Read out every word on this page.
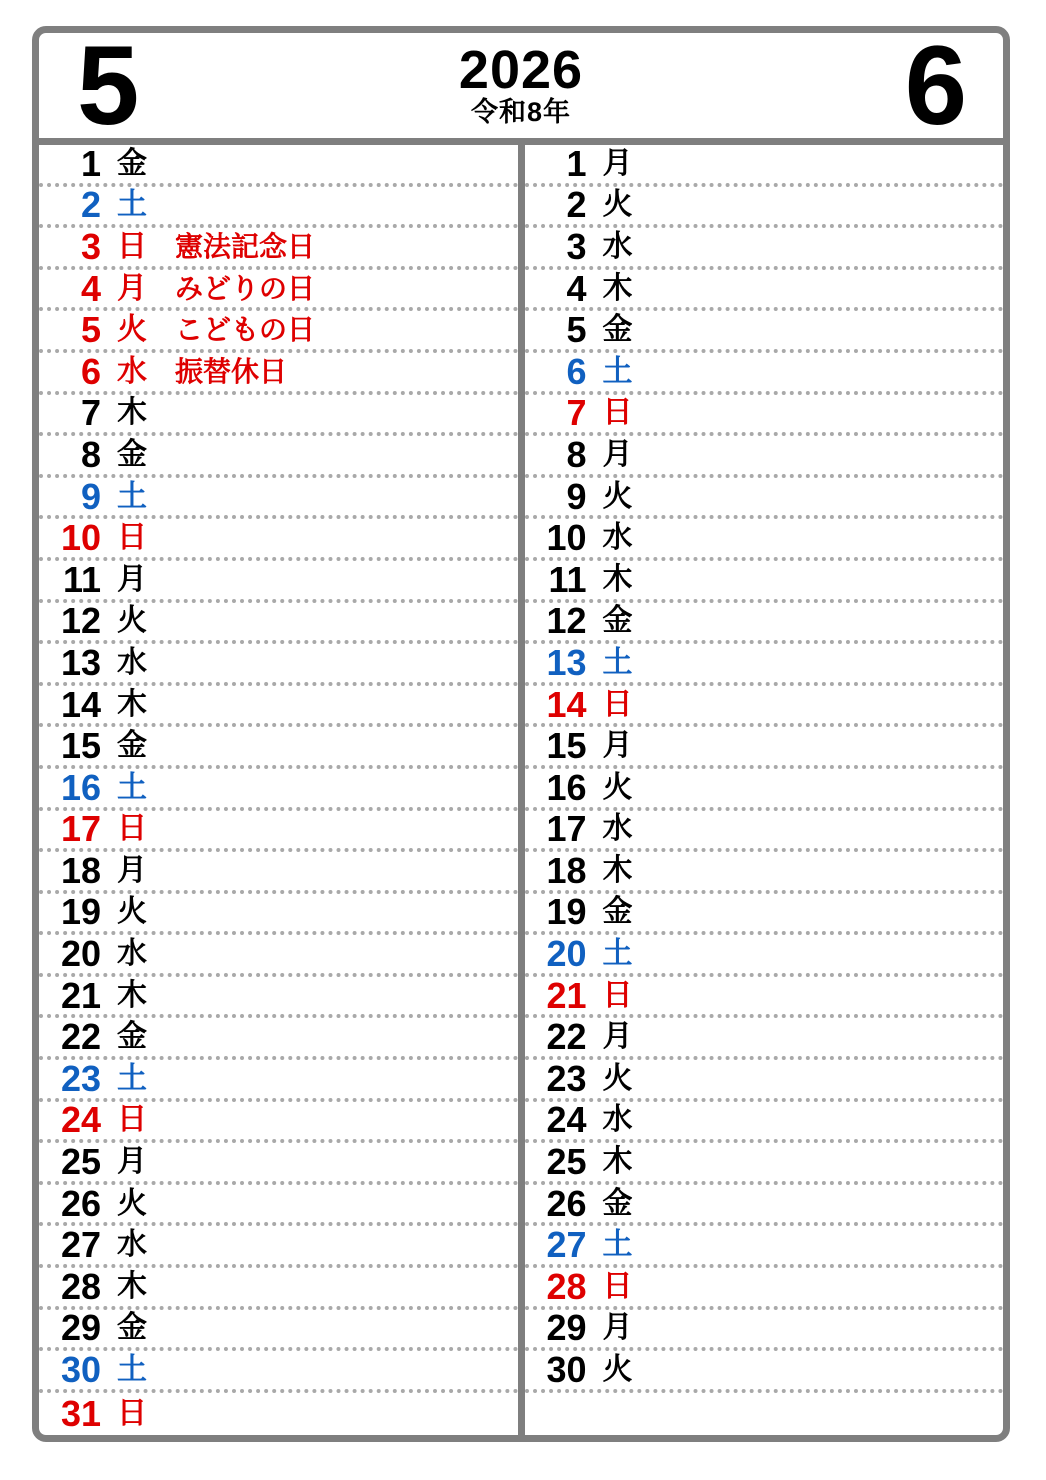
5	2026
令和8年	6
1 金
2 土
3 日 憲法記念日
4 月 みどりの日
5 火 こどもの日
6 水 振替休日
7 木
8 金
9 土
10 日
11 月
12 火
13 水
14 木
15 金
16 土
17 日
18 月
19 火
20 水
21 木
22 金
23 土
24 日
25 月
26 火
27 水
28 木
29 金
30 土
31 日
1 月
2 火
3 水
4 木
5 金
6 土
7 日
8 月
9 火
10 水
11 木
12 金
13 土
14 日
15 月
16 火
17 水
18 木
19 金
20 土
21 日
22 月
23 火
24 水
25 木
26 金
27 土
28 日
29 月
30 火
